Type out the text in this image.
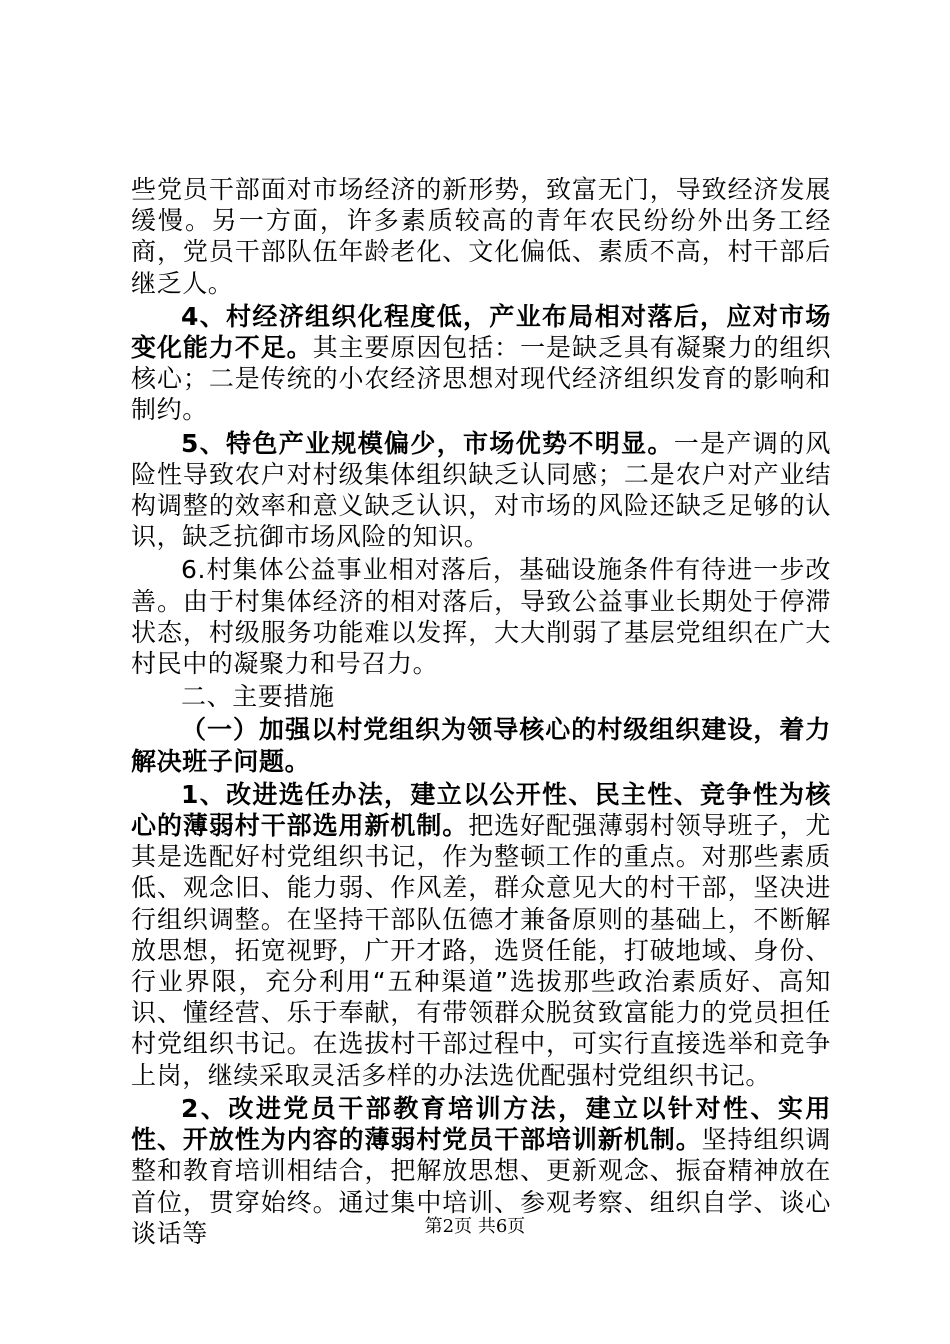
些党员干部面对市场经济的新形势，致富无门，导致经济发展缓慢。另一方面，许多素质较高的青年农民纷纷外出务工经商，党员干部队伍年龄老化、文化偏低、素质不高，村干部后继乏人。

4、村经济组织化程度低，产业布局相对落后，应对市场变化能力不足。其主要原因包括：一是缺乏具有凝聚力的组织核心；二是传统的小农经济思想对现代经济组织发育的影响和制约。

5、特色产业规模偏少，市场优势不明显。一是产调的风险性导致农户对村级集体组织缺乏认同感；二是农户对产业结构调整的效率和意义缺乏认识，对市场的风险还缺乏足够的认识，缺乏抗御市场风险的知识。

6.村集体公益事业相对落后，基础设施条件有待进一步改善。由于村集体经济的相对落后，导致公益事业长期处于停滞状态，村级服务功能难以发挥，大大削弱了基层党组织在广大村民中的凝聚力和号召力。

二、主要措施

（一）加强以村党组织为领导核心的村级组织建设，着力解决班子问题。

1、改进选任办法，建立以公开性、民主性、竞争性为核心的薄弱村干部选用新机制。把选好配强薄弱村领导班子，尤其是选配好村党组织书记，作为整顿工作的重点。对那些素质低、观念旧、能力弱、作风差，群众意见大的村干部，坚决进行组织调整。在坚持干部队伍德才兼备原则的基础上，不断解放思想，拓宽视野，广开才路，选贤任能，打破地域、身份、行业界限，充分利用“五种渠道”选拔那些政治素质好、高知识、懂经营、乐于奉献，有带领群众脱贫致富能力的党员担任村党组织书记。在选拔村干部过程中，可实行直接选举和竞争上岗，继续采取灵活多样的办法选优配强村党组织书记。

2、改进党员干部教育培训方法，建立以针对性、实用性、开放性为内容的薄弱村党员干部培训新机制。坚持组织调整和教育培训相结合，把解放思想、更新观念、振奋精神放在首位，贯穿始终。通过集中培训、参观考察、组织自学、谈心谈话等	第2页 共6页
